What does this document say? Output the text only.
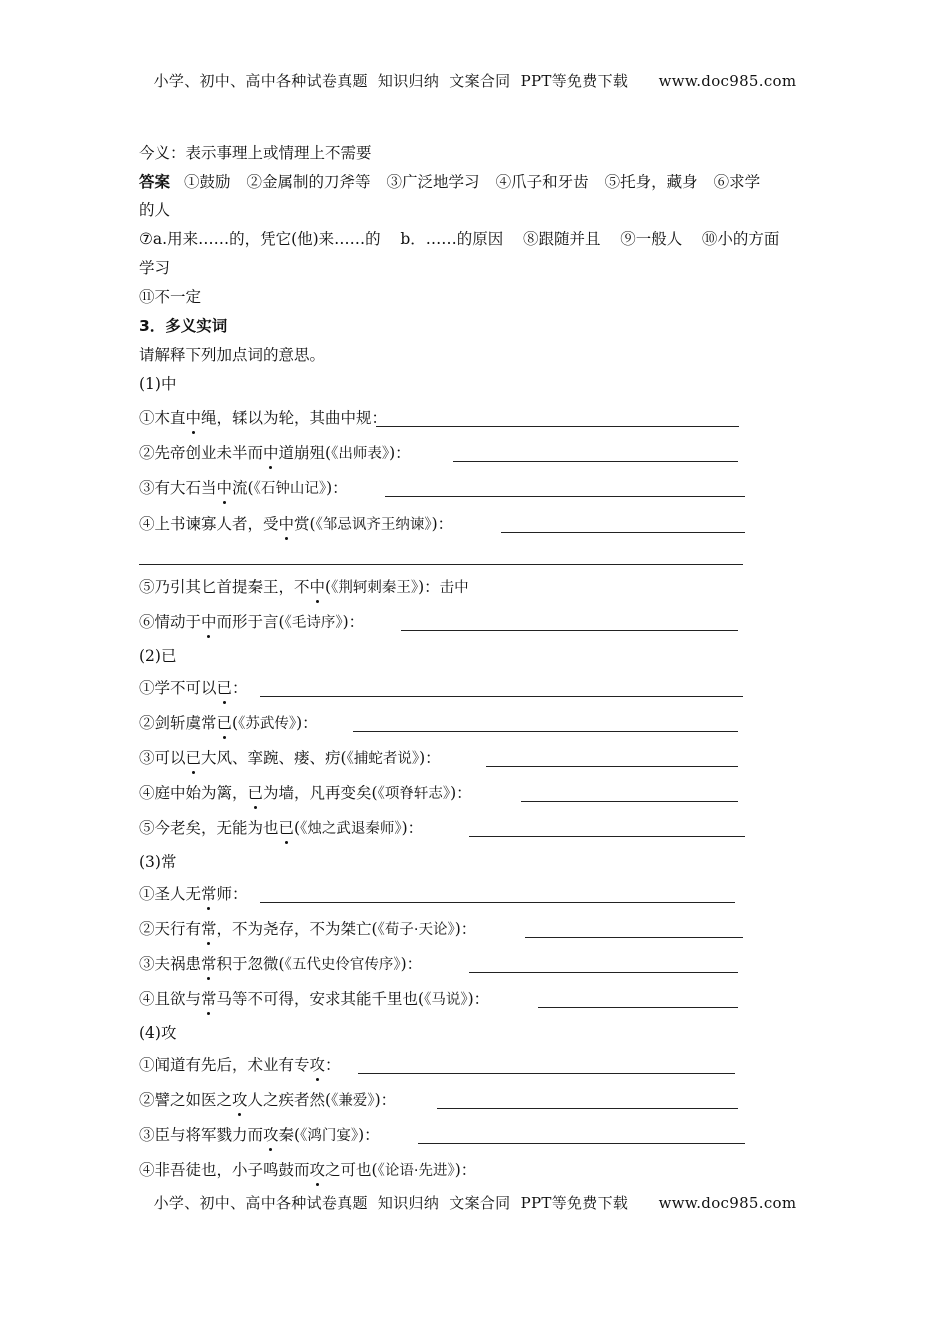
小学、初中、高中各种试卷真题  知识归纳  文案合同  PPT等免费下载      www.doc985.com
今义：表示事理上或情理上不需要
答案 ①鼓励 ②金属制的刀斧等 ③广泛地学习 ④爪子和牙齿 ⑤托身，藏身 ⑥求学
的人
⑦a.用来……的，凭它(他)来……的    b．……的原因    ⑧跟随并且    ⑨一般人    ⑩小的方面
学习
⑪不一定
3．多义实词
请解释下列加点词的意思。
(1)中
①木直中绳，𫐓以为轮，其曲中规：
②先帝创业未半而中道崩殂(《出师表》)：
③有大石当中流(《石钟山记》)：
④上书谏寡人者，受中赏(《邹忌讽齐王纳谏》)：
⑤乃引其匕首提秦王，不中(《荆轲刺秦王》)：击中
⑥情动于中而形于言(《毛诗序》)：
(2)已
①学不可以已：
②剑斩虞常已(《苏武传》)：
③可以已大风、挛踠、瘘、疠(《捕蛇者说》)：
④庭中始为篱，已为墙，凡再变矣(《项脊轩志》)：
⑤今老矣，无能为也已(《烛之武退秦师》)：
(3)常
①圣人无常师：
②天行有常，不为尧存，不为桀亡(《荀子·天论》)：
③夫祸患常积于忽微(《五代史伶官传序》)：
④且欲与常马等不可得，安求其能千里也(《马说》)：
(4)攻
①闻道有先后，术业有专攻：
②譬之如医之攻人之疾者然(《兼爱》)：
③臣与将军戮力而攻秦(《鸿门宴》)：
④非吾徒也，小子鸣鼓而攻之可也(《论语·先进》)：
小学、初中、高中各种试卷真题  知识归纳  文案合同  PPT等免费下载      www.doc985.com
